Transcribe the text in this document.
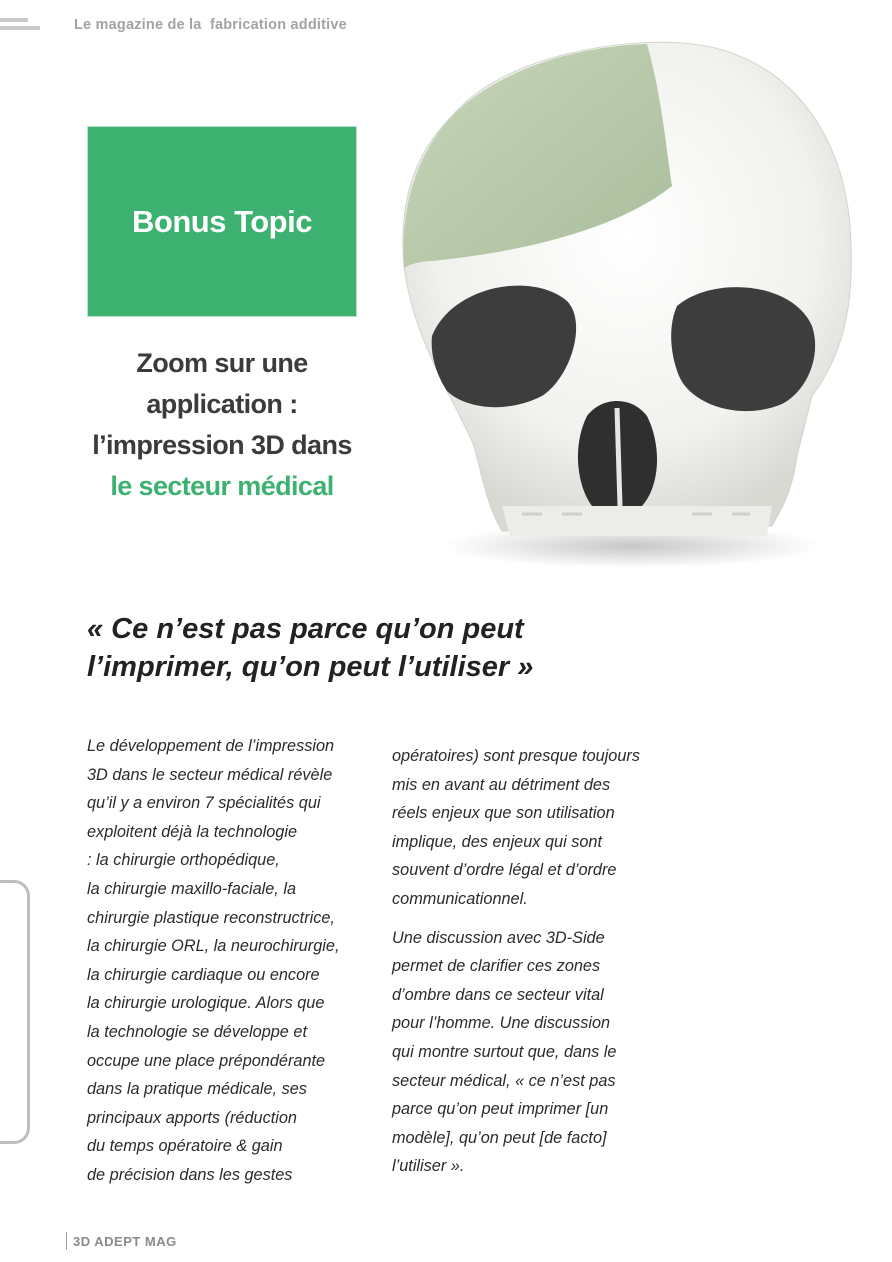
Le magazine de la  fabrication additive
Bonus Topic
Zoom sur une
application :
l’impression 3D dans
le secteur médical
« Ce n’est pas parce qu’on peut
l’imprimer, qu’on peut l’utiliser »

Le développement de l’impression
3D dans le secteur médical révèle
qu’il y a environ 7 spécialités qui
exploitent déjà la technologie
: la chirurgie orthopédique,
la chirurgie maxillo-faciale, la
chirurgie plastique reconstructrice,
la chirurgie ORL, la neurochirurgie,
la chirurgie cardiaque ou encore
la chirurgie urologique. Alors que
la technologie se développe et
occupe une place prépondérante
dans la pratique médicale, ses
principaux apports (réduction
du temps opératoire & gain
de précision dans les gestes

opératoires) sont presque toujours
mis en avant au détriment des
réels enjeux que son utilisation
implique, des enjeux qui sont
souvent d’ordre légal et d’ordre
communicationnel.

Une discussion avec 3D-Side
permet de clarifier ces zones
d’ombre dans ce secteur vital
pour l’homme. Une discussion
qui montre surtout que, dans le
secteur médical, « ce n’est pas
parce qu’on peut imprimer [un
modèle], qu’on peut [de facto]
l’utiliser ».

3D ADEPT MAG
